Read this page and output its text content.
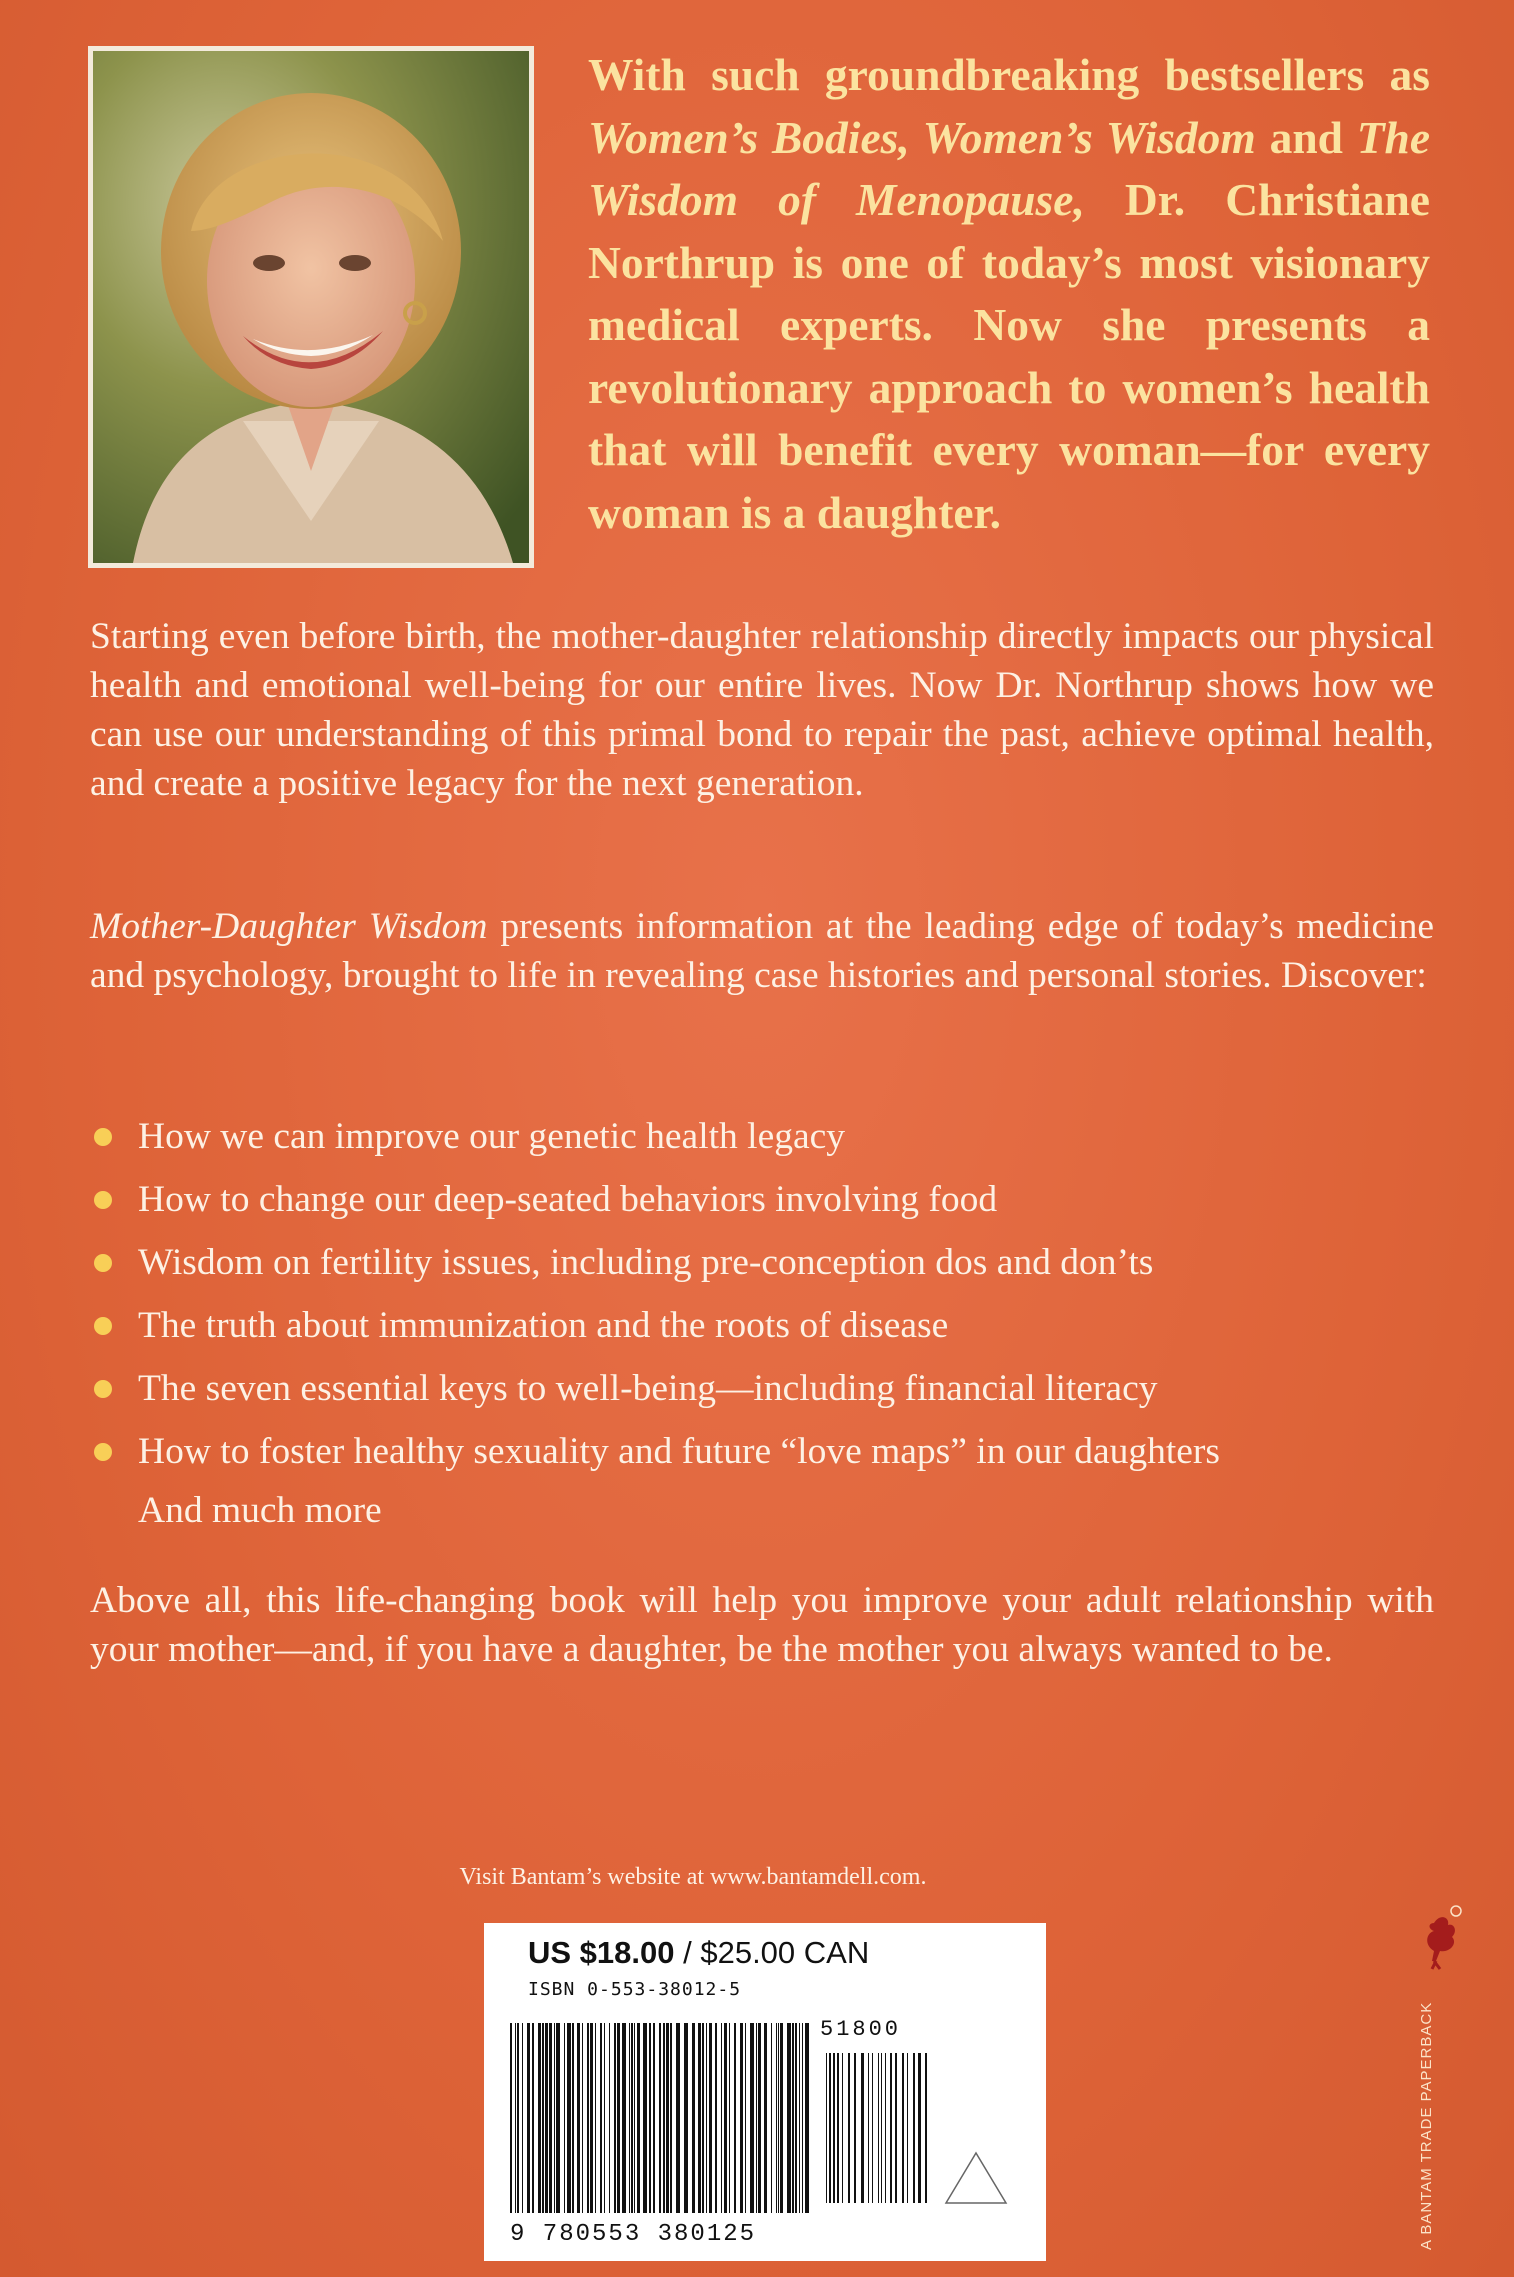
With such groundbreaking bestsellers as Women’s Bodies, Women’s Wisdom and The Wisdom of Menopause, Dr. Christiane Northrup is one of today’s most visionary medical experts. Now she presents a revolutionary approach to women’s health that will benefit every woman—for every woman is a daughter.
Starting even before birth, the mother-daughter relationship directly impacts our physical health and emotional well-being for our entire lives. Now Dr. Northrup shows how we can use our understanding of this primal bond to repair the past, achieve optimal health, and create a positive legacy for the next generation.
Mother-Daughter Wisdom presents information at the leading edge of today’s medicine and psychology, brought to life in revealing case histories and personal stories. Discover:
How we can improve our genetic health legacy
How to change our deep-seated behaviors involving food
Wisdom on fertility issues, including pre-conception dos and don’ts
The truth about immunization and the roots of disease
The seven essential keys to well-being—including financial literacy
How to foster healthy sexuality and future “love maps” in our daughters
And much more
Above all, this life-changing book will help you improve your adult relationship with your mother—and, if you have a daughter, be the mother you always wanted to be.
Visit Bantam’s website at www.bantamdell.com.
US $18.00 / $25.00 CAN
ISBN 0-553-38012-5
51800
9 780553 380125	A BANTAM TRADE PAPERBACK
